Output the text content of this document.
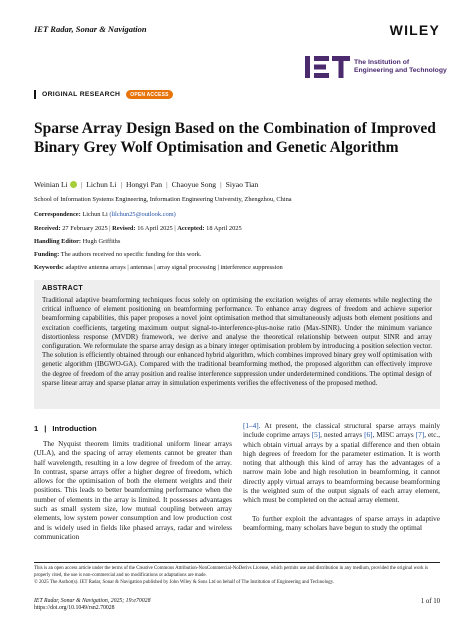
IET Radar, Sonar & Navigation	WILEY
The Institution of
Engineering and Technology
ORIGINAL RESEARCH	OPEN ACCESS
Sparse Array Design Based on the Combination of Improved Binary Grey Wolf Optimisation and Genetic Algorithm
Weinian Li | Lichun Li | Hongyi Pan | Chaoyue Song | Siyao Tian
School of Information Systems Engineering, Information Engineering University, Zhengzhou, China
Correspondence: Lichun Li (lilchun25@outlook.com)
Received: 27 February 2025 | Revised: 16 April 2025 | Accepted: 18 April 2025
Handling Editor: Hugh Griffiths
Funding: The authors received no specific funding for this work.
Keywords: adaptive antenna arrays | antennas | array signal processing | interference suppression
ABSTRACT
Traditional adaptive beamforming techniques focus solely on optimising the excitation weights of array elements while neglecting the critical influence of element positioning on beamforming performance. To enhance array degrees of freedom and achieve superior beamforming capabilities, this paper proposes a novel joint optimisation method that simultaneously adjusts both element positions and excitation coefficients, targeting maximum output signal-to-interference-plus-noise ratio (Max-SINR). Under the minimum variance distortionless response (MVDR) framework, we derive and analyse the theoretical relationship between output SINR and array configuration. We reformulate the sparse array design as a binary integer optimisation problem by introducing a position selection vector. The solution is efficiently obtained through our enhanced hybrid algorithm, which combines improved binary grey wolf optimisation with genetic algorithm (IBGWO-GA). Compared with the traditional beamforming method, the proposed algorithm can effectively improve the degree of freedom of the array position and realise interference suppression under underdetermined conditions. The optimal design of sparse linear array and sparse planar array in simulation experiments verifies the effectiveness of the proposed method.
1 | Introduction

The Nyquist theorem limits traditional uniform linear arrays (ULA), and the spacing of array elements cannot be greater than half wavelength, resulting in a low degree of freedom of the array. In contrast, sparse arrays offer a higher degree of freedom, which allows for the optimisation of both the element weights and their positions. This leads to better beamforming performance when the number of elements in the array is limited. It possesses advantages such as small system size, low mutual coupling between array elements, low system power consumption and low production cost and is widely used in fields like phased arrays, radar and wireless communication

[1–4]. At present, the classical structural sparse arrays mainly include coprime arrays [5], nested arrays [6], MISC arrays [7], etc., which obtain virtual arrays by a spatial difference and then obtain high degrees of freedom for the parameter estimation. It is worth noting that although this kind of array has the advantages of a narrow main lobe and high resolution in beamforming, it cannot directly apply virtual arrays to beamforming because beamforming is the weighted sum of the output signals of each array element, which must be completed on the actual array element.

To further exploit the advantages of sparse arrays in adaptive beamforming, many scholars have begun to study the optimal

This is an open access article under the terms of the Creative Commons Attribution-NonCommercial-NoDerivs License, which permits use and distribution in any medium, provided the original work is properly cited, the use is non-commercial and no modifications or adaptations are made.
© 2025 The Author(s). IET Radar, Sonar & Navigation published by John Wiley & Sons Ltd on behalf of The Institution of Engineering and Technology.
IET Radar, Sonar & Navigation, 2025; 19:e70028
https://doi.org/10.1049/rsn2.70028
1 of 10
